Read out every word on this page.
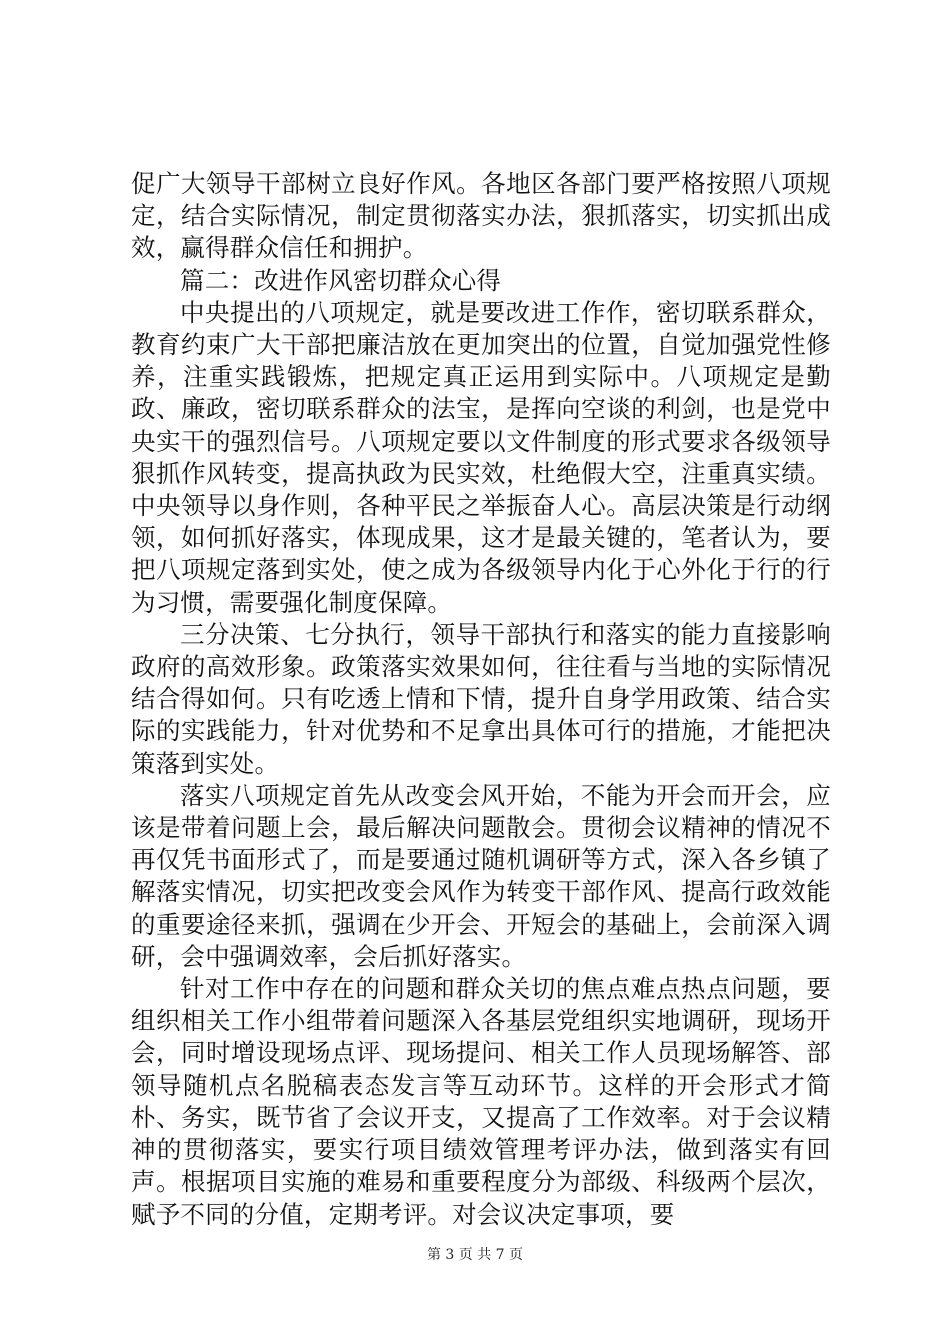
促广大领导干部树立良好作风。各地区各部门要严格按照八项规定，结合实际情况，制定贯彻落实办法，狠抓落实，切实抓出成效，赢得群众信任和拥护。

篇二：改进作风密切群众心得

中央提出的八项规定，就是要改进工作作，密切联系群众，教育约束广大干部把廉洁放在更加突出的位置，自觉加强党性修养，注重实践锻炼，把规定真正运用到实际中。八项规定是勤政、廉政，密切联系群众的法宝，是挥向空谈的利剑，也是党中央实干的强烈信号。八项规定要以文件制度的形式要求各级领导狠抓作风转变，提高执政为民实效，杜绝假大空，注重真实绩。中央领导以身作则，各种平民之举振奋人心。高层决策是行动纲领，如何抓好落实，体现成果，这才是最关键的，笔者认为，要把八项规定落到实处，使之成为各级领导内化于心外化于行的行为习惯，需要强化制度保障。

三分决策、七分执行，领导干部执行和落实的能力直接影响政府的高效形象。政策落实效果如何，往往看与当地的实际情况结合得如何。只有吃透上情和下情，提升自身学用政策、结合实际的实践能力，针对优势和不足拿出具体可行的措施，才能把决策落到实处。

落实八项规定首先从改变会风开始，不能为开会而开会，应该是带着问题上会，最后解决问题散会。贯彻会议精神的情况不再仅凭书面形式了，而是要通过随机调研等方式，深入各乡镇了解落实情况，切实把改变会风作为转变干部作风、提高行政效能的重要途径来抓，强调在少开会、开短会的基础上，会前深入调研，会中强调效率，会后抓好落实。

针对工作中存在的问题和群众关切的焦点难点热点问题，要组织相关工作小组带着问题深入各基层党组织实地调研，现场开会，同时增设现场点评、现场提问、相关工作人员现场解答、部领导随机点名脱稿表态发言等互动环节。这样的开会形式才简朴、务实，既节省了会议开支，又提高了工作效率。对于会议精神的贯彻落实，要实行项目绩效管理考评办法，做到落实有回声。根据项目实施的难易和重要程度分为部级、科级两个层次，赋予不同的分值，定期考评。对会议决定事项，要

第 3 页 共 7 页
